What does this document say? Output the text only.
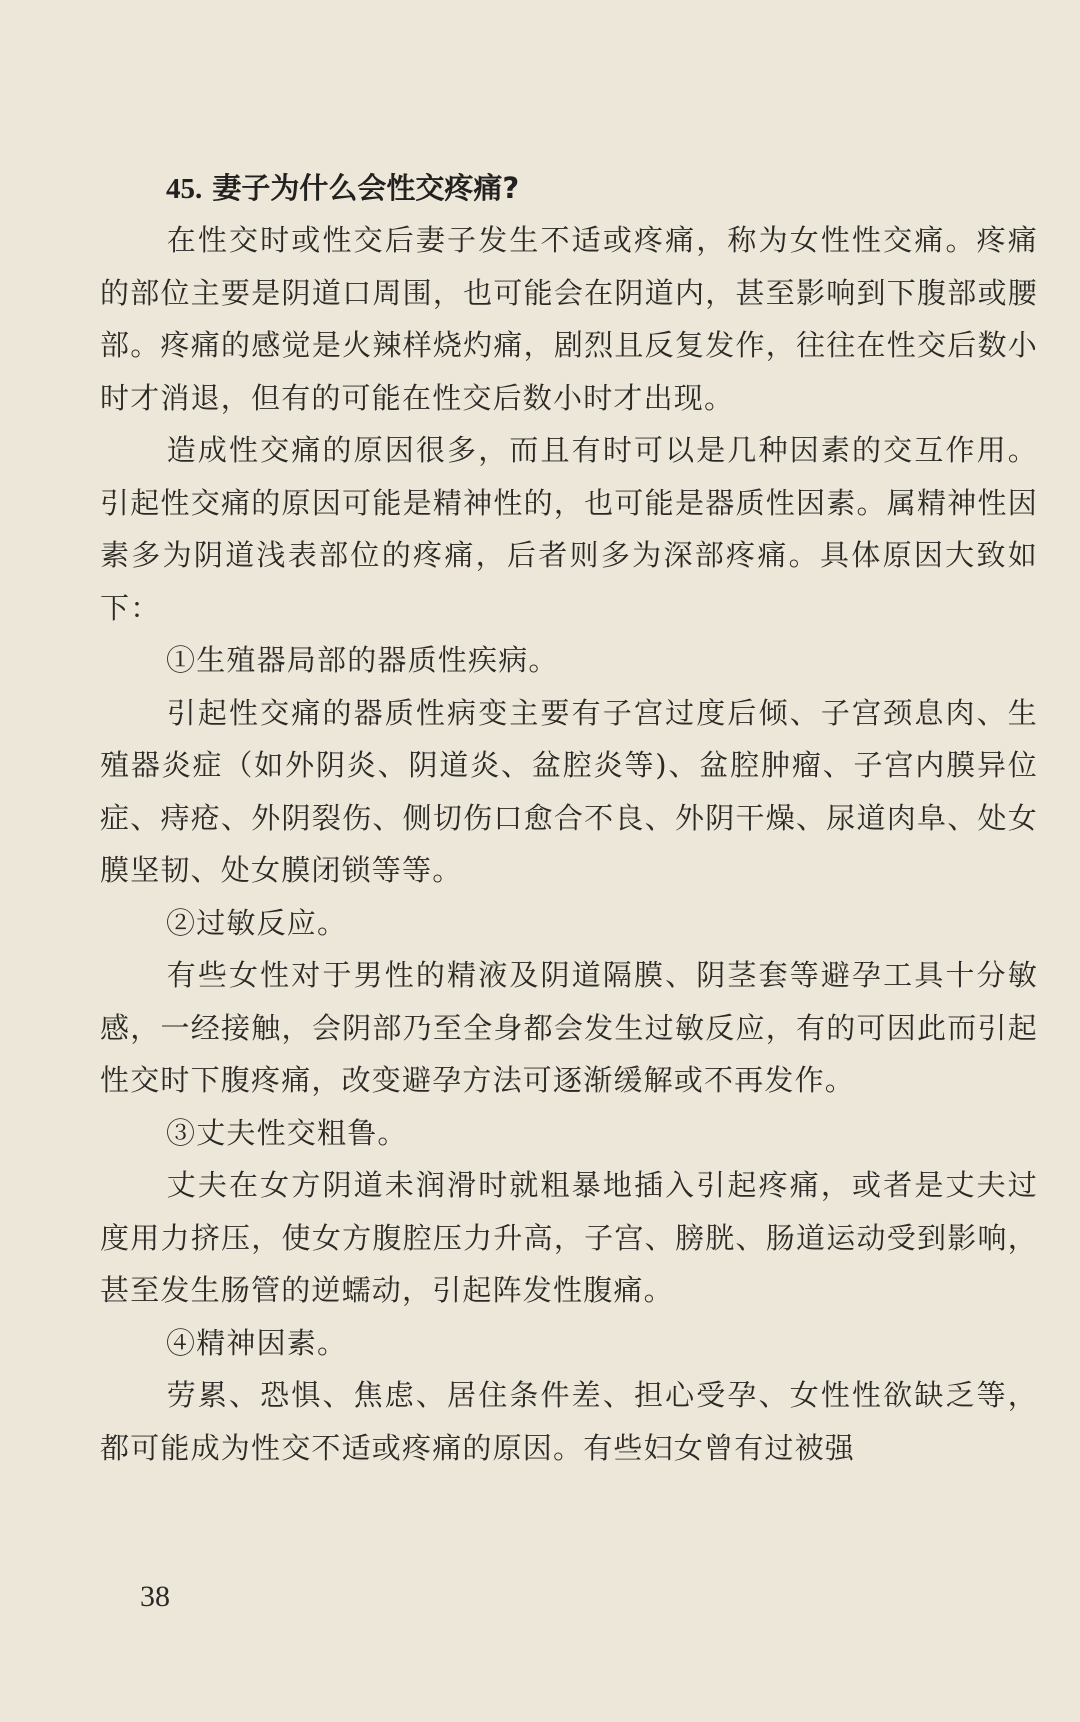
45. 妻子为什么会性交疼痛?

在性交时或性交后妻子发生不适或疼痛，称为女性性交痛。疼痛的部位主要是阴道口周围，也可能会在阴道内，甚至影响到下腹部或腰部。疼痛的感觉是火辣样烧灼痛，剧烈且反复发作，往往在性交后数小时才消退，但有的可能在性交后数小时才出现。

造成性交痛的原因很多，而且有时可以是几种因素的交互作用。引起性交痛的原因可能是精神性的，也可能是器质性因素。属精神性因素多为阴道浅表部位的疼痛，后者则多为深部疼痛。具体原因大致如下：

①生殖器局部的器质性疾病。

引起性交痛的器质性病变主要有子宫过度后倾、子宫颈息肉、生殖器炎症（如外阴炎、阴道炎、盆腔炎等)、盆腔肿瘤、子宫内膜异位症、痔疮、外阴裂伤、侧切伤口愈合不良、外阴干燥、尿道肉阜、处女膜坚韧、处女膜闭锁等等。

②过敏反应。

有些女性对于男性的精液及阴道隔膜、阴茎套等避孕工具十分敏感，一经接触，会阴部乃至全身都会发生过敏反应，有的可因此而引起性交时下腹疼痛，改变避孕方法可逐渐缓解或不再发作。

③丈夫性交粗鲁。

丈夫在女方阴道未润滑时就粗暴地插入引起疼痛，或者是丈夫过度用力挤压，使女方腹腔压力升高，子宫、膀胱、肠道运动受到影响，甚至发生肠管的逆蠕动，引起阵发性腹痛。

④精神因素。

劳累、恐惧、焦虑、居住条件差、担心受孕、女性性欲缺乏等，都可能成为性交不适或疼痛的原因。有些妇女曾有过被强

38
